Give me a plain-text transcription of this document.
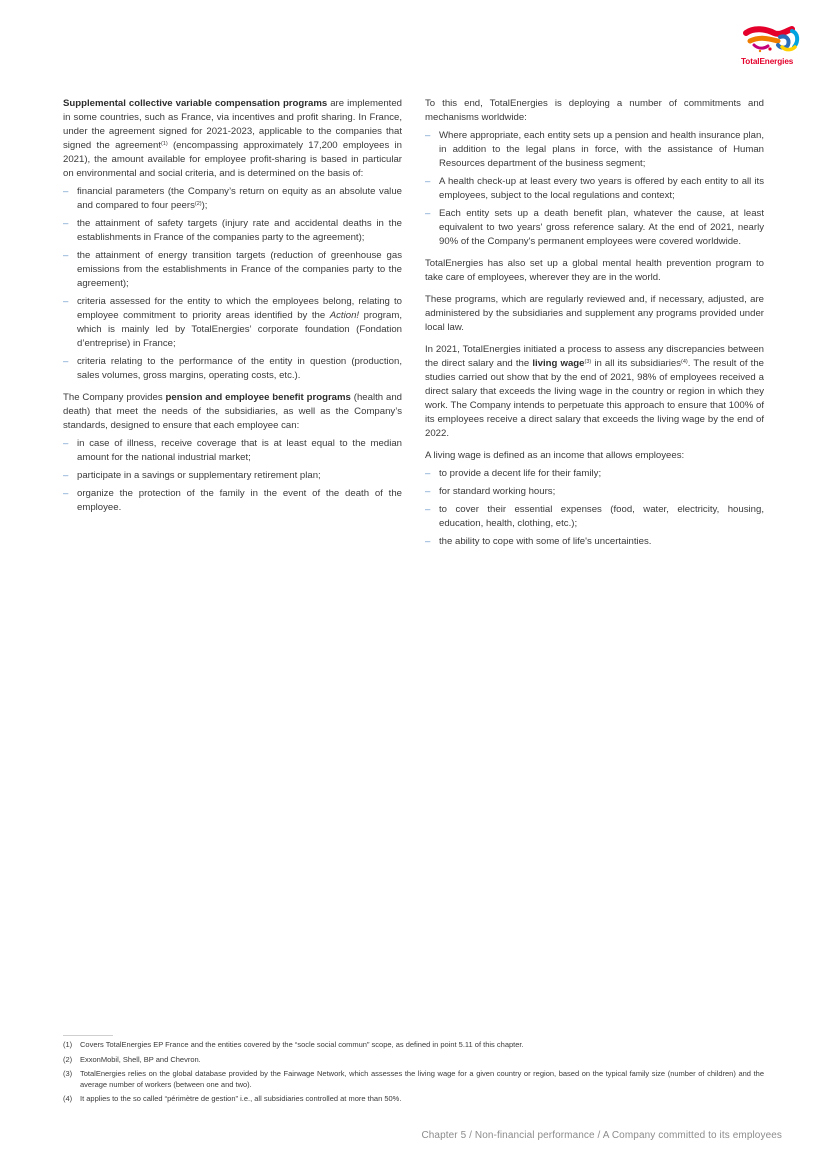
TotalEnergies

Supplemental collective variable compensation programs are implemented in some countries, such as France, via incentives and profit sharing. In France, under the agreement signed for 2021-2023, applicable to the companies that signed the agreement$^{(1)}$ (encompassing approximately 17,200 employees in 2021), the amount available for employee profit-sharing is based in particular on environmental and social criteria, and is determined on the basis of:

– financial parameters (the Company’s return on equity as an absolute value and compared to four peers$^{(2)}$);
– the attainment of safety targets (injury rate and accidental deaths in the establishments in France of the companies party to the agreement);
– the attainment of energy transition targets (reduction of greenhouse gas emissions from the establishments in France of the companies party to the agreement);
– criteria assessed for the entity to which the employees belong, relating to employee commitment to priority areas identified by the Action! program, which is mainly led by TotalEnergies’ corporate foundation (Fondation d’entreprise) in France;
– criteria relating to the performance of the entity in question (production, sales volumes, gross margins, operating costs, etc.).

The Company provides pension and employee benefit programs (health and death) that meet the needs of the subsidiaries, as well as the Company’s standards, designed to ensure that each employee can:

– in case of illness, receive coverage that is at least equal to the median amount for the national industrial market;
– participate in a savings or supplementary retirement plan;
– organize the protection of the family in the event of the death of the employee.

To this end, TotalEnergies is deploying a number of commitments and mechanisms worldwide:

– Where appropriate, each entity sets up a pension and health insurance plan, in addition to the legal plans in force, with the assistance of Human Resources department of the business segment;
– A health check-up at least every two years is offered by each entity to all its employees, subject to the local regulations and context;
– Each entity sets up a death benefit plan, whatever the cause, at least equivalent to two years' gross reference salary. At the end of 2021, nearly 90% of the Company's permanent employees were covered worldwide.

TotalEnergies has also set up a global mental health prevention program to take care of employees, wherever they are in the world.

These programs, which are regularly reviewed and, if necessary, adjusted, are administered by the subsidiaries and supplement any programs provided under local law.

In 2021, TotalEnergies initiated a process to assess any discrepancies between the direct salary and the living wage$^{(3)}$ in all its subsidiaries$^{(4)}$. The result of the studies carried out show that by the end of 2021, 98% of employees received a direct salary that exceeds the living wage in the country or region in which they work. The Company intends to perpetuate this approach to ensure that 100% of its employees receive a direct salary that exceeds the living wage by the end of 2022.

A living wage is defined as an income that allows employees:

– to provide a decent life for their family;
– for standard working hours;
– to cover their essential expenses (food, water, electricity, housing, education, health, clothing, etc.);
– the ability to cope with some of life's uncertainties.
(1)	Covers TotalEnergies EP France and the entities covered by the “socle social commun” scope, as defined in point 5.11 of this chapter.
(2)	ExxonMobil, Shell, BP and Chevron.
(3)	TotalEnergies relies on the global database provided by the Fairwage Network, which assesses the living wage for a given country or region, based on the typical family size (number of children) and the average number of workers (between one and two).
(4)	It applies to the so called “périmètre de gestion” i.e., all subsidiaries controlled at more than 50%.
Chapter 5 / Non-financial performance / A Company committed to its employees
